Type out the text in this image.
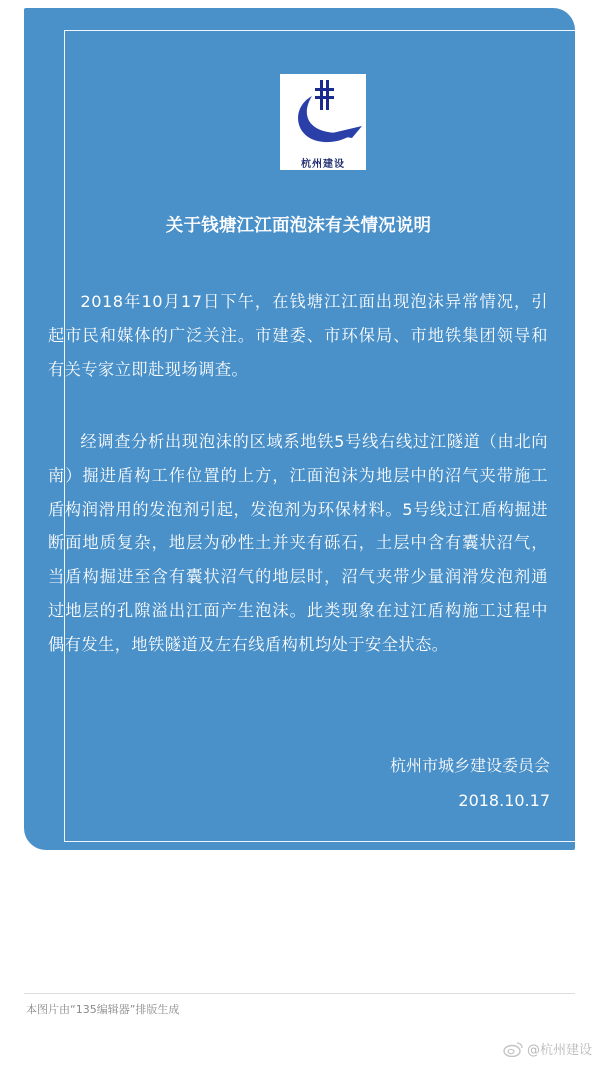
杭州建设
关于钱塘江江面泡沫有关情况说明
2018年10月17日下午，在钱塘江江面出现泡沫异常情况，引起市民和媒体的广泛关注。市建委、市环保局、市地铁集团领导和有关专家立即赴现场调查。
经调查分析出现泡沫的区域系地铁5号线右线过江隧道（由北向南）掘进盾构工作位置的上方，江面泡沫为地层中的沼气夹带施工盾构润滑用的发泡剂引起，发泡剂为环保材料。5号线过江盾构掘进断面地质复杂，地层为砂性土并夹有砾石，土层中含有囊状沼气，当盾构掘进至含有囊状沼气的地层时，沼气夹带少量润滑发泡剂通过地层的孔隙溢出江面产生泡沫。此类现象在过江盾构施工过程中偶有发生，地铁隧道及左右线盾构机均处于安全状态。
杭州市城乡建设委员会
2018.10.17
本图片由“135编辑器”排版生成
@杭州建设
